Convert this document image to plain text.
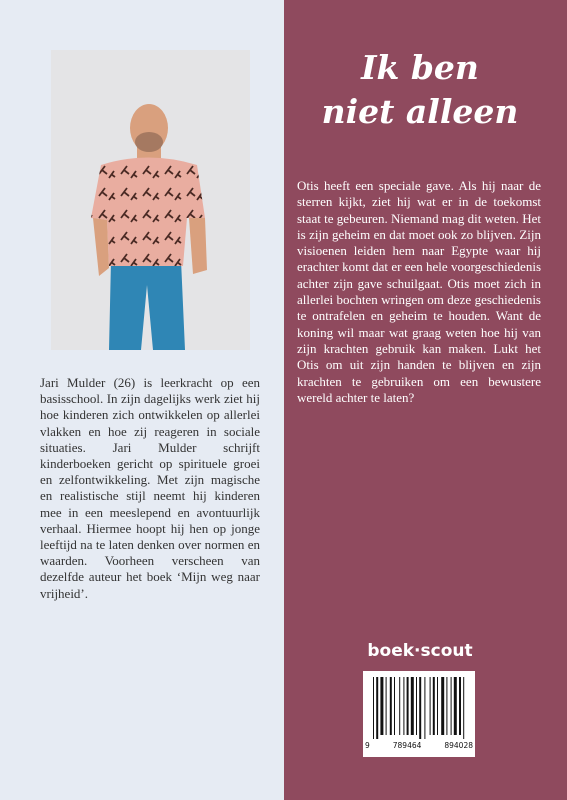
Jari Mulder (26) is leerkracht op een basisschool. In zijn dagelijks werk ziet hij hoe kinderen zich ontwikkelen op allerlei vlakken en hoe zij reageren in sociale situaties. Jari Mulder schrijft kinderboeken gericht op spirituele groei en zelfontwikkeling. Met zijn magische en realistische stijl neemt hij kinderen mee in een meeslepend en avontuurlijk verhaal. Hiermee hoopt hij hen op jonge leeftijd na te laten denken over normen en waarden. Voorheen verscheen van dezelfde auteur het boek ‘Mijn weg naar vrijheid’.

Ik ben
niet alleen

Otis heeft een speciale gave. Als hij naar de sterren kijkt, ziet hij wat er in de toekomst staat te gebeuren. Niemand mag dit weten. Het is zijn geheim en dat moet ook zo blijven. Zijn visioenen leiden hem naar Egypte waar hij erachter komt dat er een hele voorgeschiedenis achter zijn gave schuilgaat. Otis moet zich in allerlei bochten wringen om deze geschiedenis te ontrafelen en geheim te houden. Want de koning wil maar wat graag weten hoe hij van zijn krachten gebruik kan maken. Lukt het Otis om uit zijn handen te blijven en zijn krachten te gebruiken om een bewustere wereld achter te laten?

boek·scout
9	789464	894028
